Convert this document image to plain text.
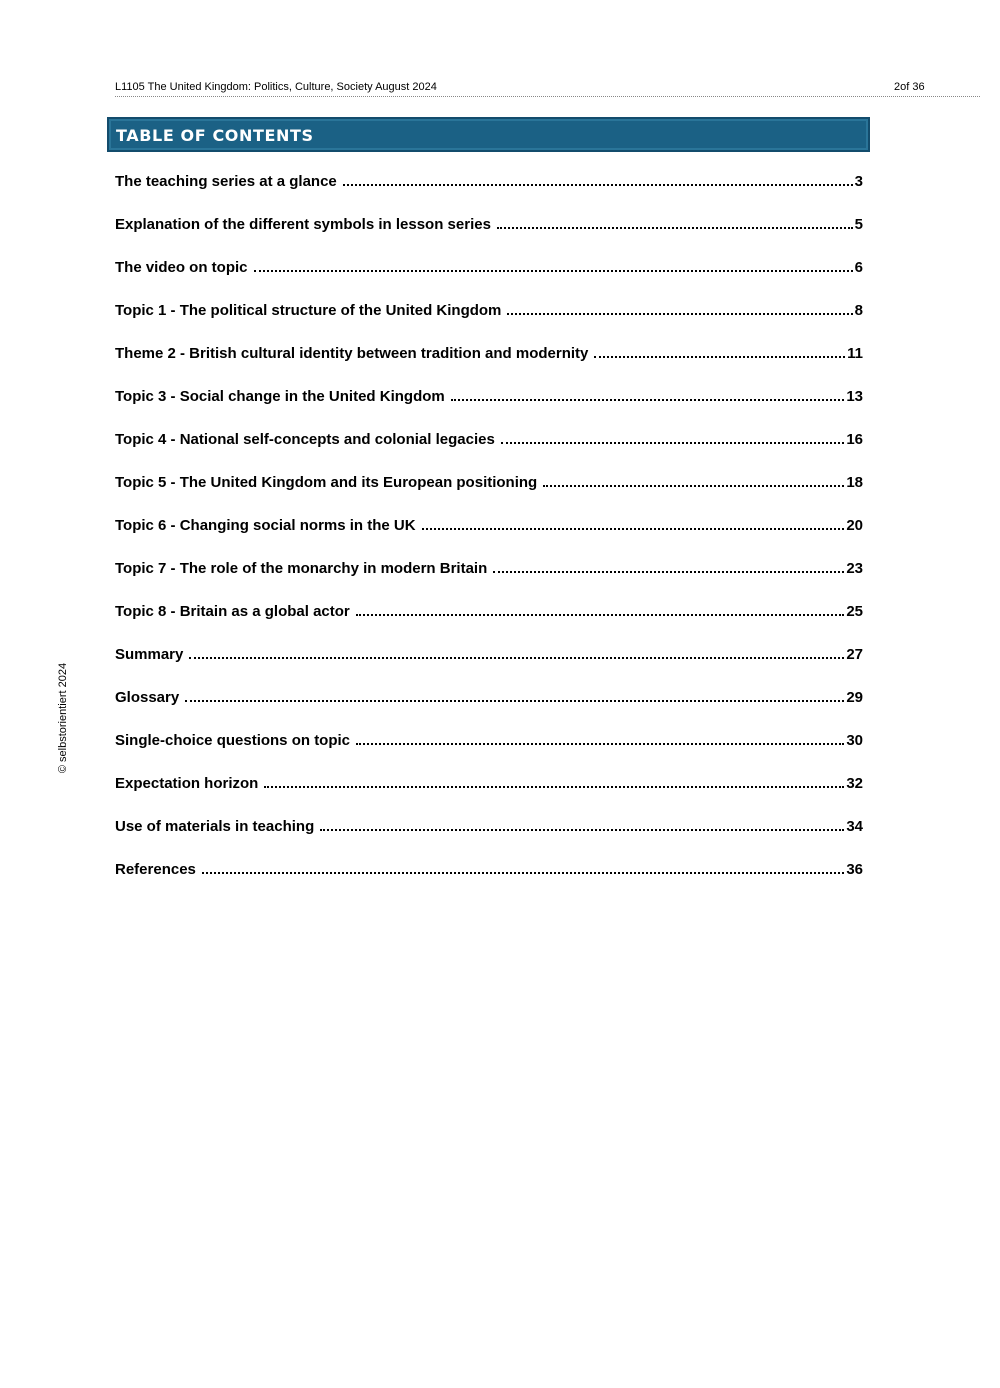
L1105 The United Kingdom: Politics, Culture, Society August 2024	2of 36
TABLE OF CONTENTS
The teaching series at a glance	3
Explanation of the different symbols in lesson series	5
The video on topic	6
Topic 1 - The political structure of the United Kingdom	8
Theme 2 - British cultural identity between tradition and modernity	11
Topic 3 - Social change in the United Kingdom	13
Topic 4 - National self-concepts and colonial legacies	16
Topic 5 - The United Kingdom and its European positioning	18
Topic 6 - Changing social norms in the UK	20
Topic 7 - The role of the monarchy in modern Britain	23
Topic 8 - Britain as a global actor	25
Summary	27
Glossary	29
Single-choice questions on topic	30
Expectation horizon	32
Use of materials in teaching	34
References	36
© selbstorientiert 2024
